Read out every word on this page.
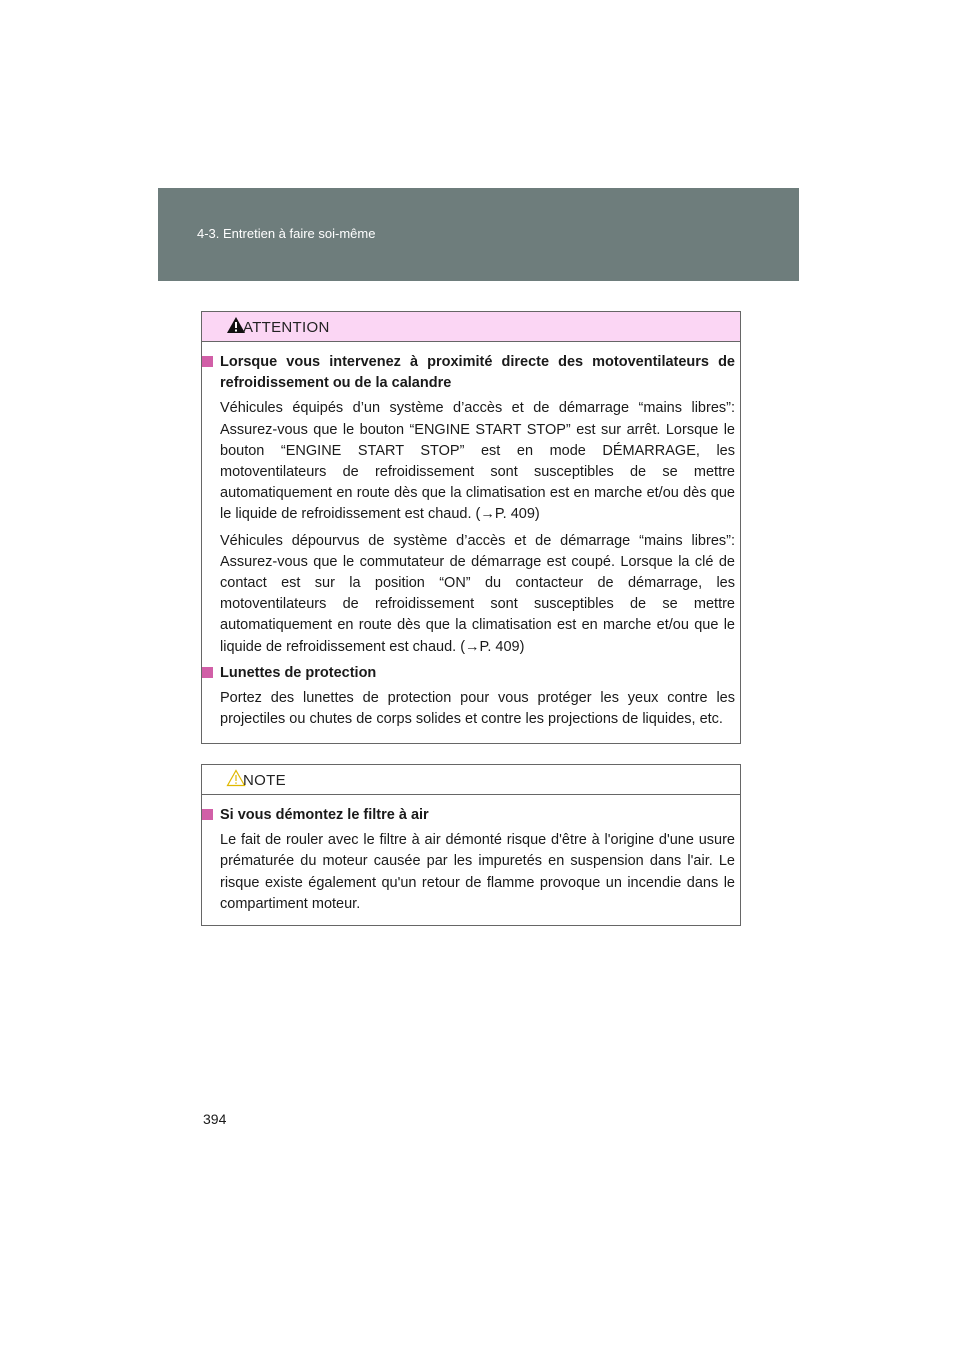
4-3. Entretien à faire soi-même
ATTENTION
Lorsque vous intervenez à proximité directe des motoventilateurs de refroidissement ou de la calandre
Véhicules équipés d’un système d’accès et de démarrage “mains libres”: Assurez-vous que le bouton “ENGINE START STOP” est sur arrêt. Lorsque le bouton “ENGINE START STOP” est en mode DÉMARRAGE, les motoventilateurs de refroidissement sont susceptibles de se mettre automatiquement en route dès que la climatisation est en marche et/ou dès que le liquide de refroidissement est chaud. (→P. 409)
Véhicules dépourvus de système d’accès et de démarrage “mains libres”: Assurez-vous que le commutateur de démarrage est coupé. Lorsque la clé de contact est sur la position “ON” du contacteur de démarrage, les motoventilateurs de refroidissement sont susceptibles de se mettre automatiquement en route dès que la climatisation est en marche et/ou que le liquide de refroidissement est chaud. (→P. 409)
Lunettes de protection
Portez des lunettes de protection pour vous protéger les yeux contre les projectiles ou chutes de corps solides et contre les projections de liquides, etc.
NOTE
Si vous démontez le filtre à air
Le fait de rouler avec le filtre à air démonté risque d'être à l'origine d'une usure prématurée du moteur causée par les impuretés en suspension dans l'air. Le risque existe également qu'un retour de flamme provoque un incendie dans le compartiment moteur.
394
